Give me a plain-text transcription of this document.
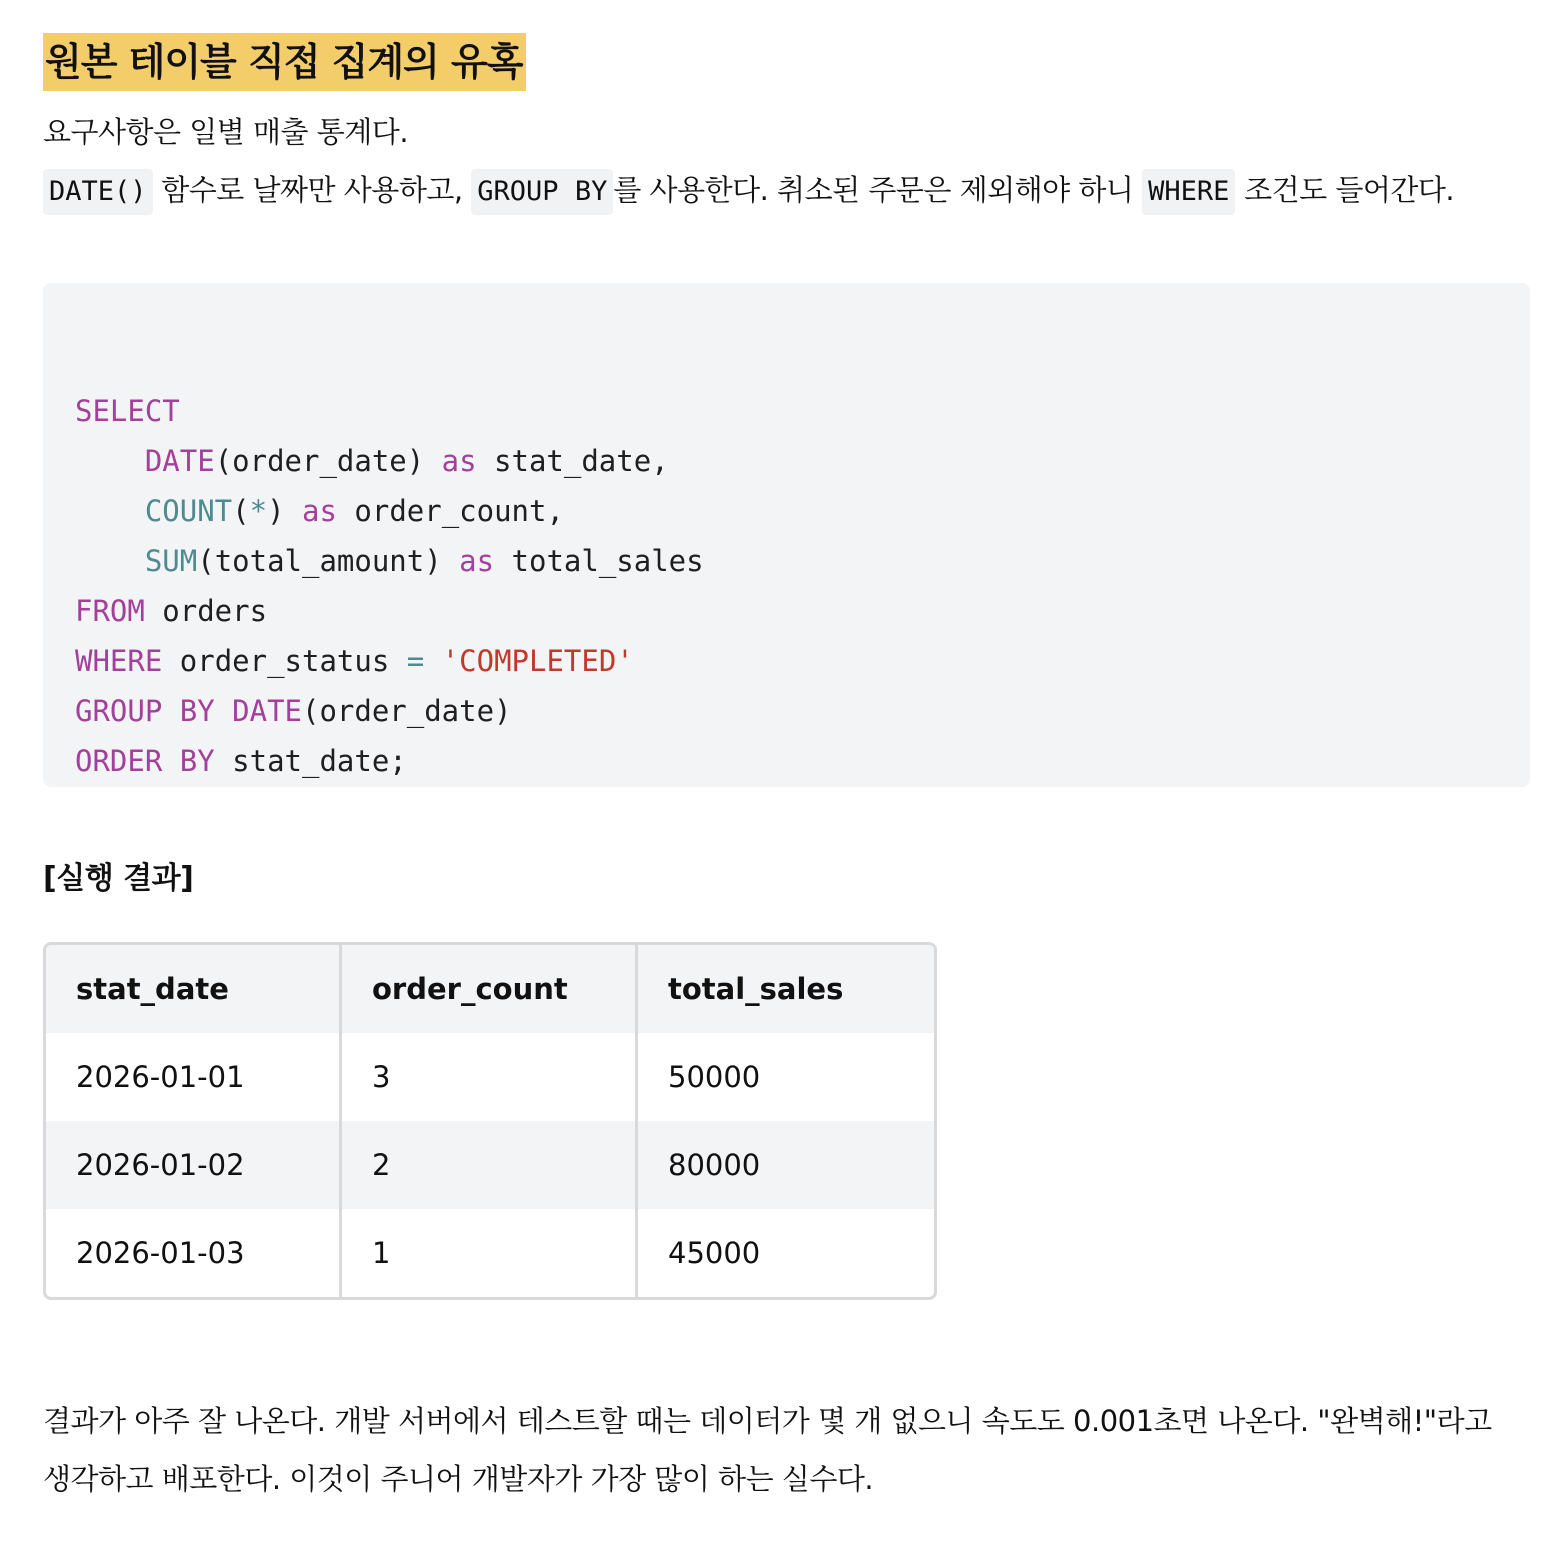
원본 테이블 직접 집계의 유혹
요구사항은 일별 매출 통계다.
DATE() 함수로 날짜만 사용하고, GROUP BY 를 사용한다. 취소된 주문은 제외해야 하니 WHERE 조건도 들어간다.

SELECT
DATE(order_date) as stat_date,
COUNT(*) as order_count,
SUM(total_amount) as total_sales
FROM orders
WHERE order_status = 'COMPLETED'
GROUP BY DATE(order_date)
ORDER BY stat_date;

[실행 결과]
stat_date	order_count	total_sales
2026-01-01	3	50000
2026-01-02	2	80000
2026-01-03	1	45000
결과가 아주 잘 나온다. 개발 서버에서 테스트할 때는 데이터가 몇 개 없으니 속도도 0.001초면 나온다. "완벽해!"라고
생각하고 배포한다. 이것이 주니어 개발자가 가장 많이 하는 실수다.
